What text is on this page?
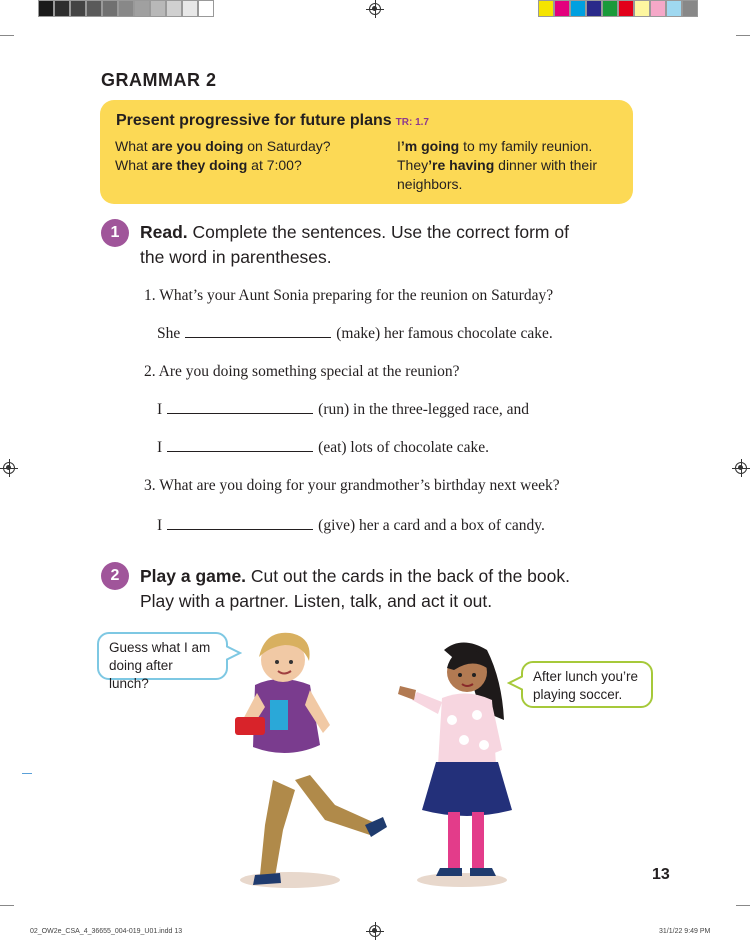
GRAMMAR 2
Present progressive for future plans TR: 1.7
What are you doing on Saturday?
What are they doing at 7:00?
I’m going to my family reunion.
They’re having dinner with their
neighbors.
1	Read. Complete the sentences. Use the correct form of
the word in parentheses.
1. What’s your Aunt Sonia preparing for the reunion on Saturday?
She	(make) her famous chocolate cake.
2. Are you doing something special at the reunion?
I	(run) in the three-legged race, and
I	(eat) lots of chocolate cake.
3. What are you doing for your grandmother’s birthday next week?
I	(give) her a card and a box of candy.
2	Play a game. Cut out the cards in the back of the book.
Play with a partner. Listen, talk, and act it out.
Guess what I am
doing after lunch?	After lunch you’re
playing soccer.
13
02_OW2e_CSA_4_36655_004-019_U01.indd 13	31/1/22 9:49 PM
